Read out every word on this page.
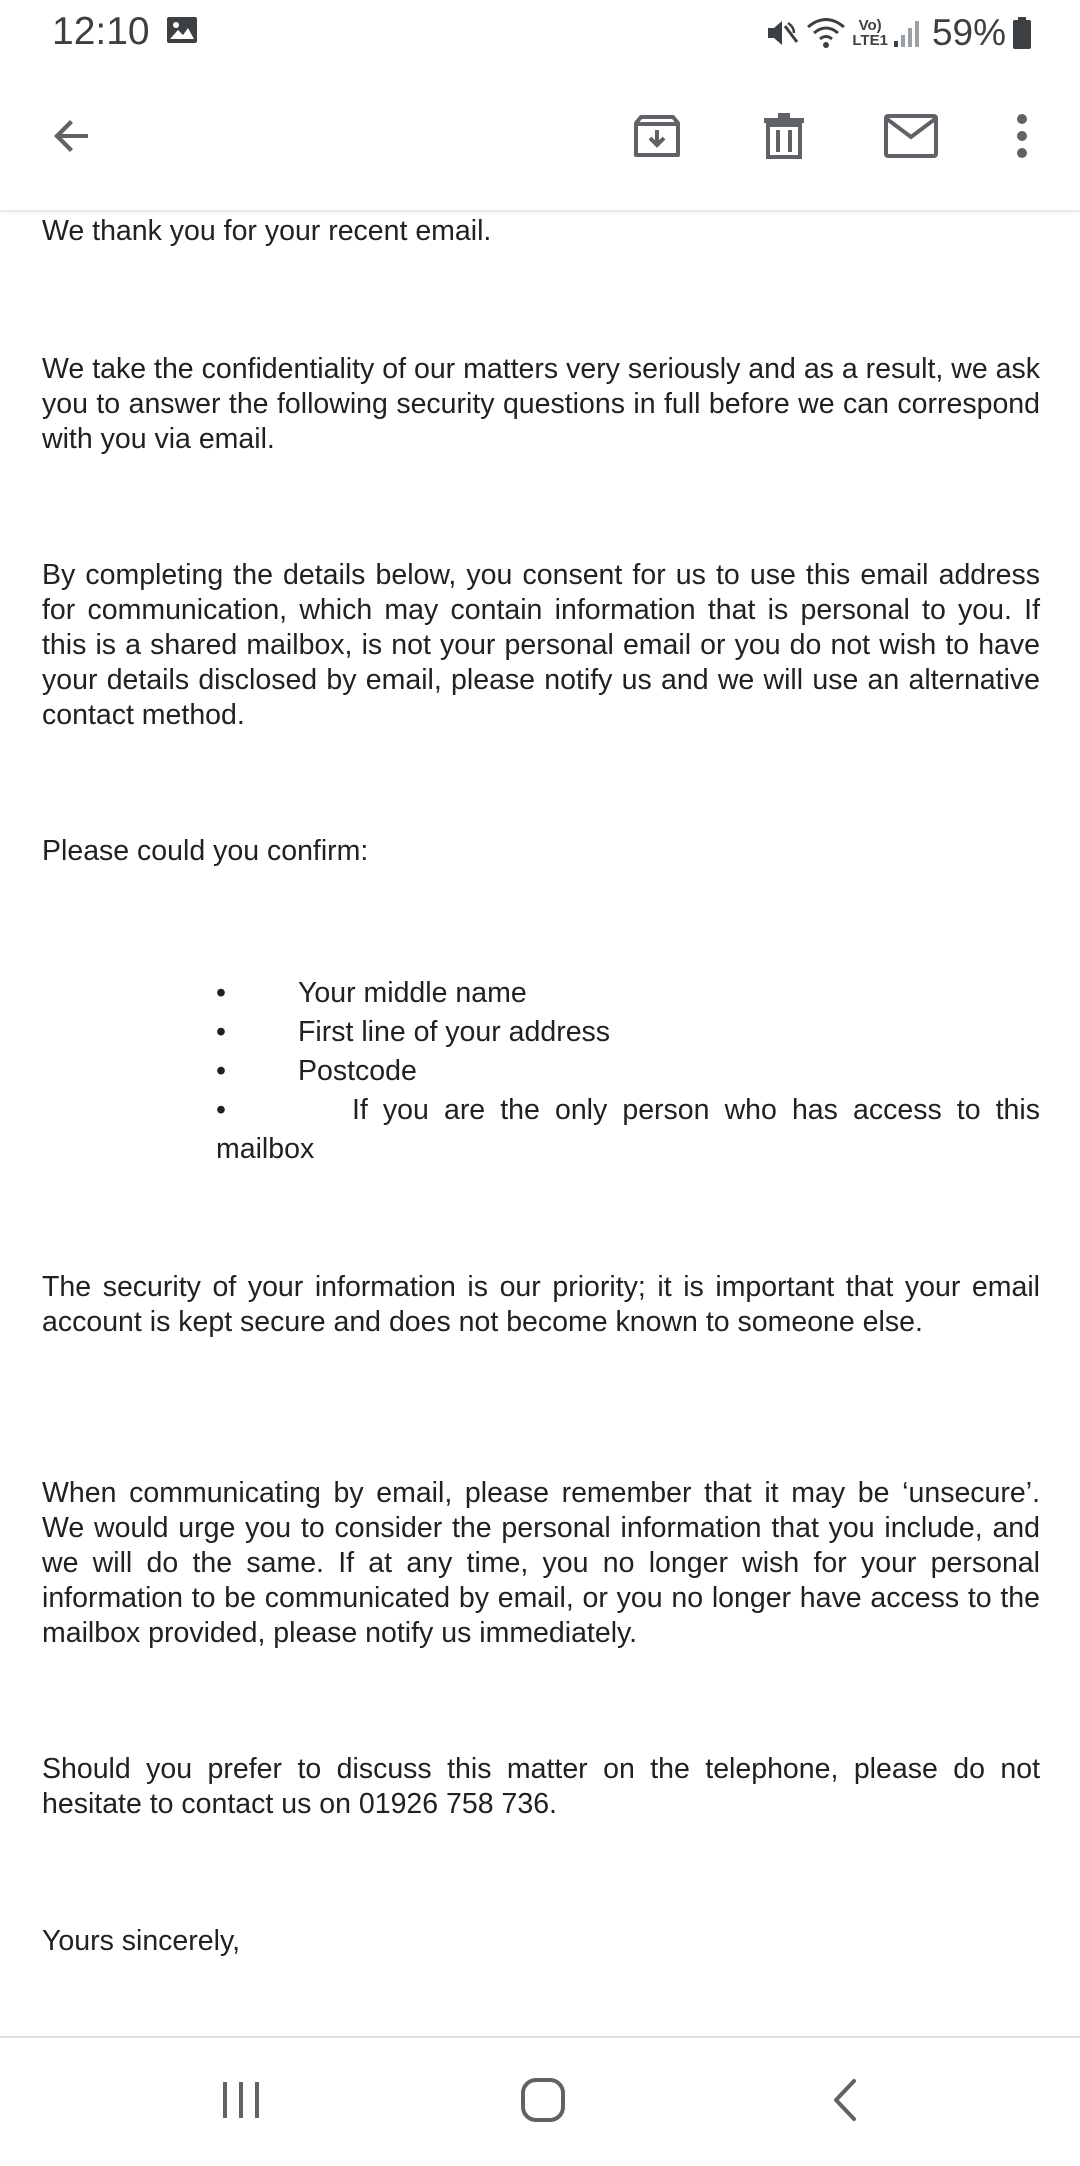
12:10	Vo)
LTE1 59%

We thank you for your recent email.

We take the confidentiality of our matters very seriously and as a result, we ask you to answer the following security questions in full before we can correspond with you via email.

By completing the details below, you consent for us to use this email address for communication, which may contain information that is personal to you. If this is a shared mailbox, is not your personal email or you do not wish to have your details disclosed by email, please notify us and we will use an alternative contact method.

Please could you confirm:

•	Your middle name
•	First line of your address
•	Postcode
•	If you are the only person who has access to this mailbox

The security of your information is our priority; it is important that your email account is kept secure and does not become known to someone else.

When communicating by email, please remember that it may be ‘unsecure’. We would urge you to consider the personal information that you include, and we will do the same. If at any time, you no longer wish for your personal information to be communicated by email, or you no longer have access to the mailbox provided, please notify us immediately.

Should you prefer to discuss this matter on the telephone, please do not hesitate to contact us on 01926 758 736.

Yours sincerely,
